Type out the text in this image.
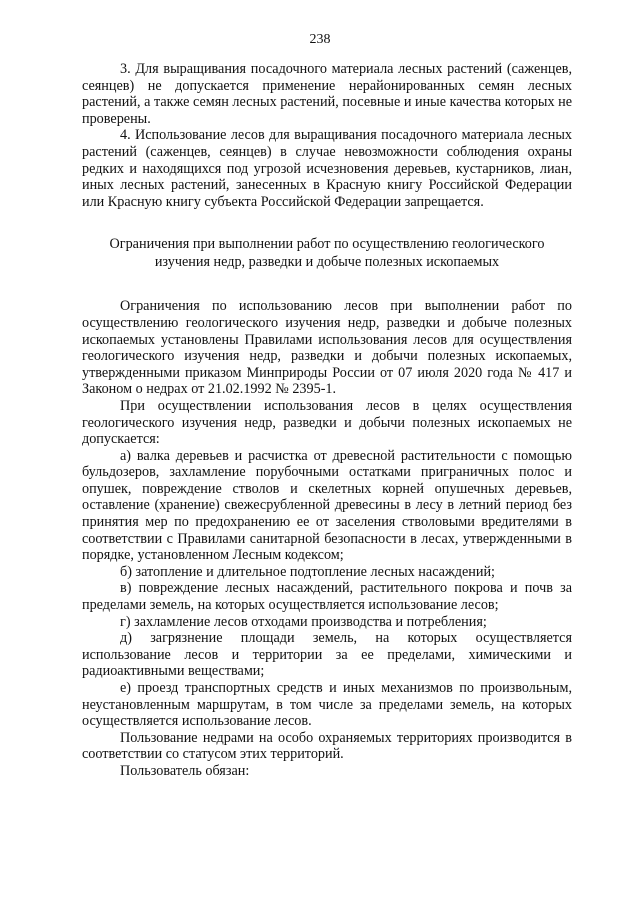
238

3. Для выращивания посадочного материала лесных растений (саженцев, сеянцев) не допускается применение нерайонированных семян лесных растений, а также семян лесных растений, посевные и иные качества которых не проверены.

4. Использование лесов для выращивания посадочного материала лесных растений (саженцев, сеянцев) в случае невозможности соблюдения охраны редких и находящихся под угрозой исчезновения деревьев, кустарников, лиан, иных лесных растений, занесенных в Красную книгу Российской Федерации или Красную книгу субъекта Российской Федерации запрещается.

Ограничения при выполнении работ по осуществлению геологического
изучения недр, разведки и добыче полезных ископаемых

Ограничения по использованию лесов при выполнении работ по осуществлению геологического изучения недр, разведки и добыче полезных ископаемых установлены Правилами использования лесов для осуществления геологического изучения недр, разведки и добычи полезных ископаемых, утвержденными приказом Минприроды России от 07 июля 2020 года № 417 и Законом о недрах от 21.02.1992 № 2395-1.

При осуществлении использования лесов в целях осуществления геологического изучения недр, разведки и добычи полезных ископаемых не допускается:

а) валка деревьев и расчистка от древесной растительности с помощью бульдозеров, захламление порубочными остатками приграничных полос и опушек, повреждение стволов и скелетных корней опушечных деревьев, оставление (хранение) свежесрубленной древесины в лесу в летний период без принятия мер по предохранению ее от заселения стволовыми вредителями в соответствии с Правилами санитарной безопасности в лесах, утвержденными в порядке, установленном Лесным кодексом;

б) затопление и длительное подтопление лесных насаждений;

в) повреждение лесных насаждений, растительного покрова и почв за пределами земель, на которых осуществляется использование лесов;

г) захламление лесов отходами производства и потребления;

д) загрязнение площади земель, на которых осуществляется использование лесов и территории за ее пределами, химическими и радиоактивными веществами;

е) проезд транспортных средств и иных механизмов по произвольным, неустановленным маршрутам, в том числе за пределами земель, на которых осуществляется использование лесов.

Пользование недрами на особо охраняемых территориях производится в соответствии со статусом этих территорий.

Пользователь обязан:
